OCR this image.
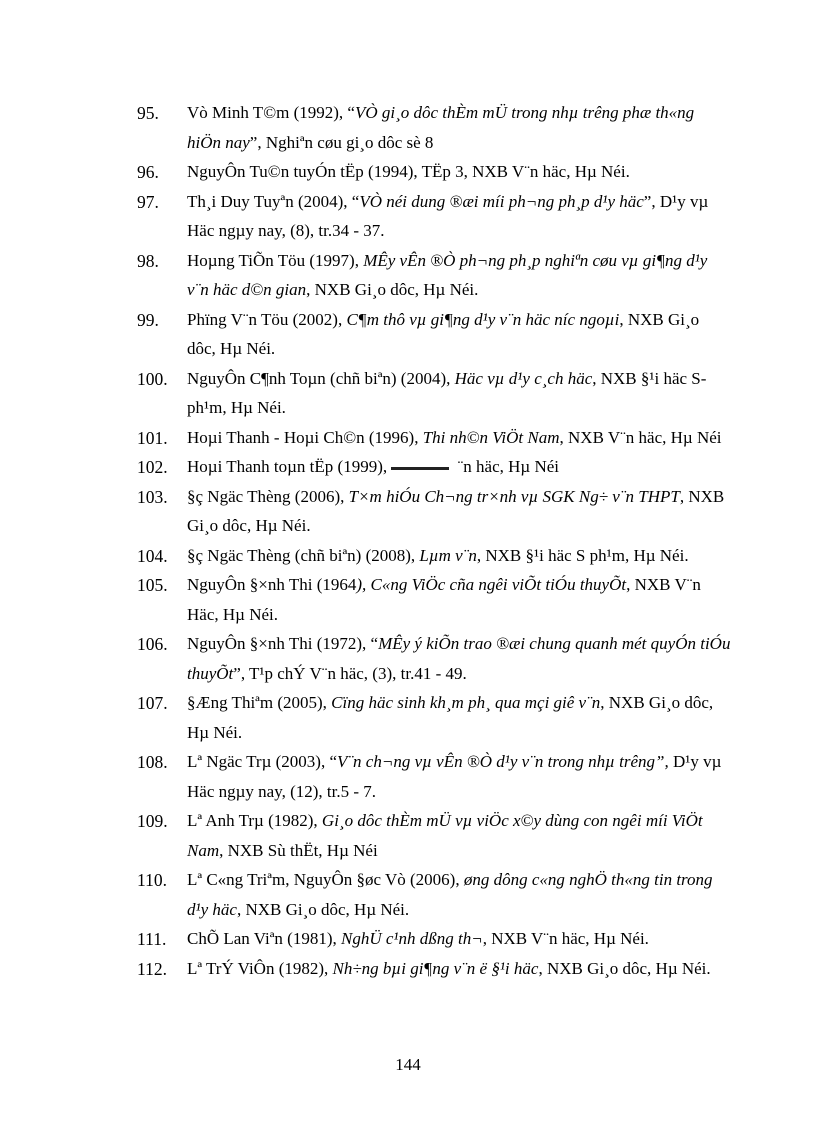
95. Vò Minh T©m (1992), “VÒ gi¸o dôc thÈm mÜ trong nhµ trêng phæ th«ng hiÖn nay”, Nghiªn cøu gi¸o dôc sè 8
96. NguyÔn Tu©n tuyÓn tËp (1994), TËp 3, NXB V¨n häc, Hµ Néi.
97. Th¸i Duy Tuyªn (2004), “VÒ néi dung ®æi míi ph¬ng ph¸p d¹y häc”, D¹y vµ Häc ngµy nay, (8), tr.34 - 37.
98. Hoµng TiÕn Töu (1997), MÊy vÊn ®Ò ph¬ng ph¸p nghiªn cøu vµ gi¶ng d¹y v¨n häc d©n gian, NXB Gi¸o dôc, Hµ Néi.
99. Phïng V¨n Töu (2002), C¶m thô vµ gi¶ng d¹y v¨n häc níc ngoµi, NXB Gi¸o dôc, Hµ Néi.
100. NguyÔn C¶nh Toµn (chñ biªn) (2004), Häc vµ d¹y c¸ch häc, NXB §¹i häc S ph¹m, Hµ Néi.
101. Hoµi Thanh - Hoµi Ch©n (1996), Thi nh©n ViÖt Nam, NXB V¨n häc, Hµ Néi
102. Hoµi Thanh toµn tËp (1999),	¨n häc, Hµ Néi
103. §ç Ngäc Thèng (2006), T×m hiÓu Ch¬ng tr×nh vµ SGK Ng÷ v¨n THPT, NXB Gi¸o dôc, Hµ Néi.
104. §ç Ngäc Thèng (chñ biªn) (2008), Lµm v¨n, NXB §¹i häc S ph¹m, Hµ Néi.
105. NguyÔn §×nh Thi (1964), C«ng ViÖc cña ngêi viÕt tiÓu thuyÕt, NXB V¨n Häc, Hµ Néi.
106. NguyÔn §×nh Thi (1972), “MÊy ý kiÕn trao ®æi chung quanh mét quyÓn tiÓu thuyÕt”, T¹p chÝ V¨n häc, (3), tr.41 - 49.
107. §Æng Thiªm (2005), Cïng häc sinh kh¸m ph¸ qua mçi giê v¨n, NXB Gi¸o dôc, Hµ Néi.
108. Lª Ngäc Trµ (2003), “V¨n ch¬ng vµ vÊn ®Ò d¹y v¨n trong nhµ trêng”, D¹y vµ Häc ngµy nay, (12), tr.5 - 7.
109. Lª Anh Trµ (1982), Gi¸o dôc thÈm mÜ vµ viÖc x©y dùng con ngêi míi ViÖt Nam, NXB Sù thËt, Hµ Néi
110. Lª C«ng Triªm, NguyÔn §øc Vò (2006), øng dông c«ng nghÖ th«ng tin trong d¹y häc, NXB Gi¸o dôc, Hµ Néi.
111. ChÕ Lan Viªn (1981), NghÜ c¹nh dßng th¬, NXB V¨n häc, Hµ Néi.
112. Lª TrÝ ViÔn (1982), Nh÷ng bµi gi¶ng v¨n ë §¹i häc, NXB Gi¸o dôc, Hµ Néi.
144
